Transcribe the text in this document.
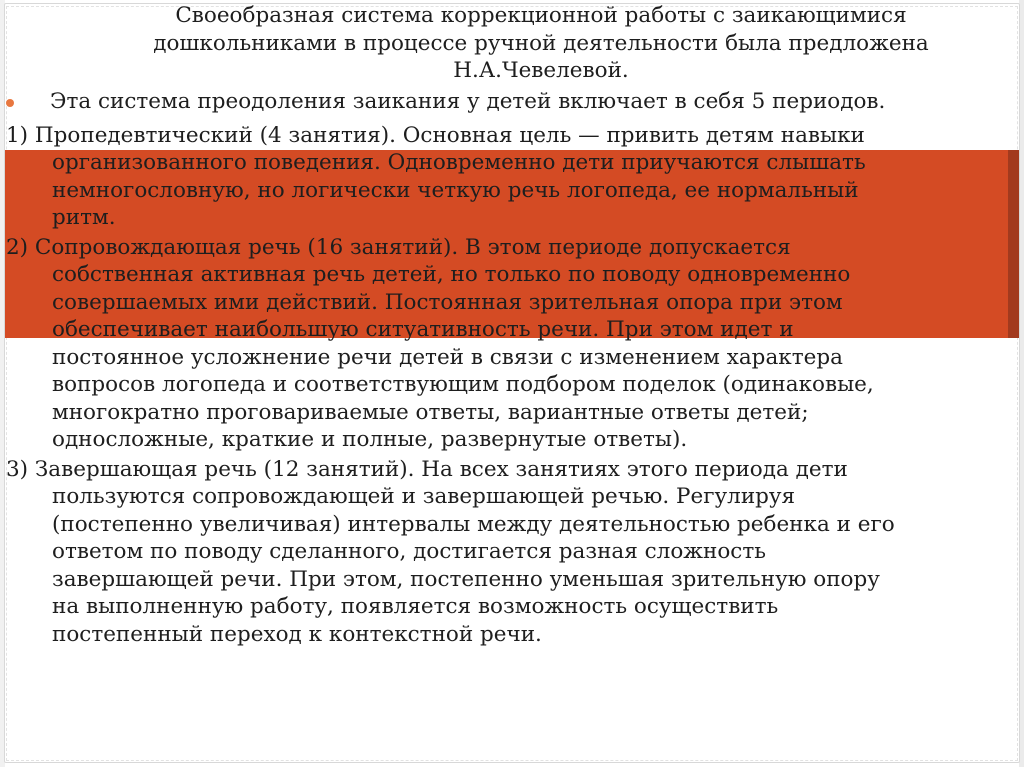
Своеобразная система коррекционной работы с заикающимися
дошкольниками в процессе ручной деятельности была предложена
Н.А.Чевелевой.

Эта система преодоления заикания у детей включает в себя 5 периодов.

1) Пропедевтический (4 занятия). Основная цель — привить детям навыки
организованного поведения. Одновременно дети приучаются слышать
немногословную, но логически четкую речь логопеда, ее нормальный
ритм.

2) Сопровождающая речь (16 занятий). В этом периоде допускается
собственная активная речь детей, но только по поводу одновременно
совершаемых ими действий. Постоянная зрительная опора при этом
обеспечивает наибольшую ситуативность речи. При этом идет и
постоянное усложнение речи детей в связи с изменением характера
вопросов логопеда и соответствующим подбором поделок (одинаковые,
многократно проговариваемые ответы, вариантные ответы детей;
односложные, краткие и полные, развернутые ответы).

3) Завершающая речь (12 занятий). На всех занятиях этого периода дети
пользуются сопровождающей и завершающей речью. Регулируя
(постепенно увеличивая) интервалы между деятельностью ребенка и его
ответом по поводу сделанного, достигается разная сложность
завершающей речи. При этом, постепенно уменьшая зрительную опору
на выполненную работу, появляется возможность осуществить
постепенный переход к контекстной речи.
